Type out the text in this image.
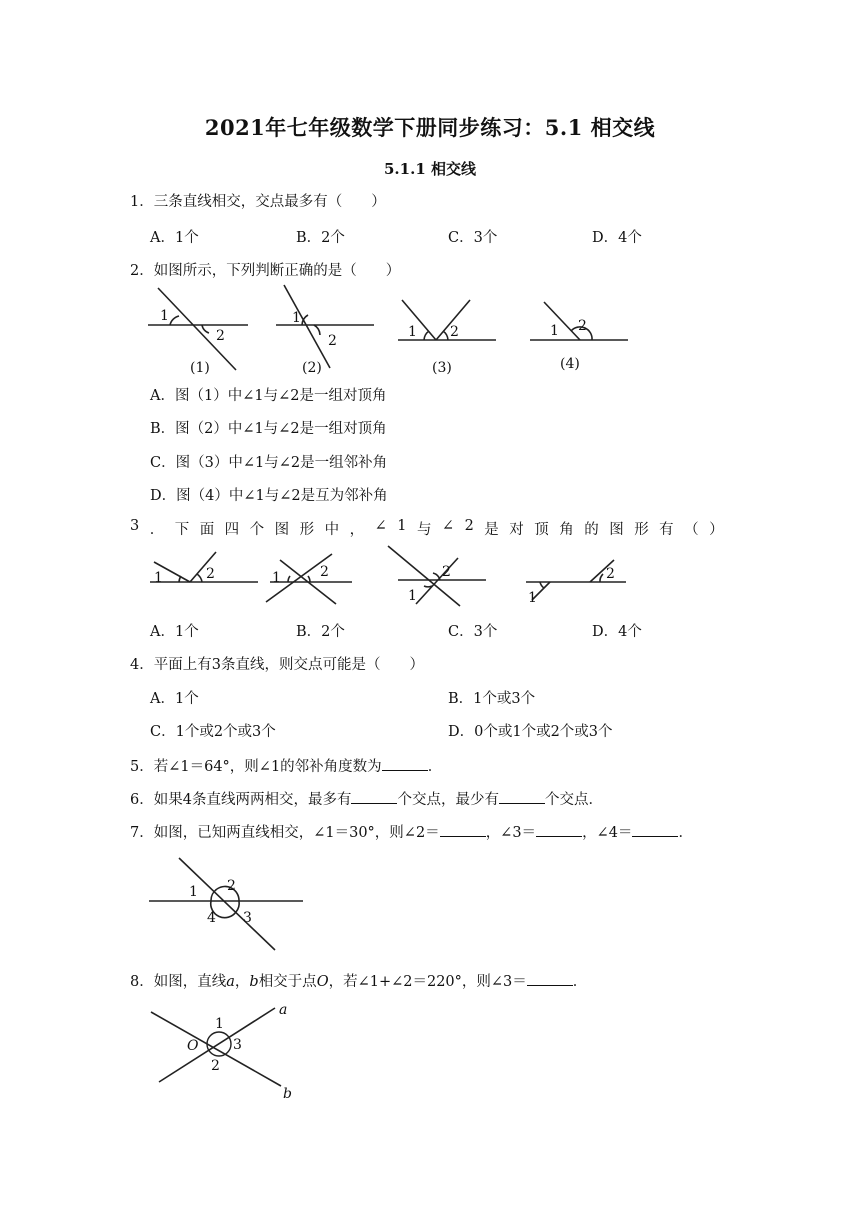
2021年七年级数学下册同步练习：5.1 相交线
5.1.1 相交线
1．三条直线相交，交点最多有（　　）
A．1个	B．2个	C．3个	D．4个
2．如图所示，下列判断正确的是（　　）
1
2
(1)
1
2
(2)
1 2
(3)
1 2
(4)
A．图（1）中∠1与∠2是一组对顶角
B．图（2）中∠1与∠2是一组对顶角
C．图（3）中∠1与∠2是一组邻补角
D．图（4）中∠1与∠2是互为邻补角
3 ． 下 面 四 个 图 形 中 ， ∠ 1 与 ∠ 2 是 对 顶 角 的 图 形 有 （ ）
1	2	1	2
1
2
1
2
A．1个	B．2个	C．3个	D．4个
4．平面上有3条直线，则交点可能是（　　）
A．1个	B．1个或3个
C．1个或2个或3个	D．0个或1个或2个或3个
5．若∠1＝64°，则∠1的邻补角度数为	．
6．如果4条直线两两相交，最多有	个交点，最少有	个交点．
7．如图，已知两直线相交，∠1＝30°，则∠2＝	，∠3＝	，∠4＝	．
1 2
3
4
8．如图，直线a，b相交于点O，若∠1+∠2＝220°，则∠3＝	．
a
b
O
1
2
3
